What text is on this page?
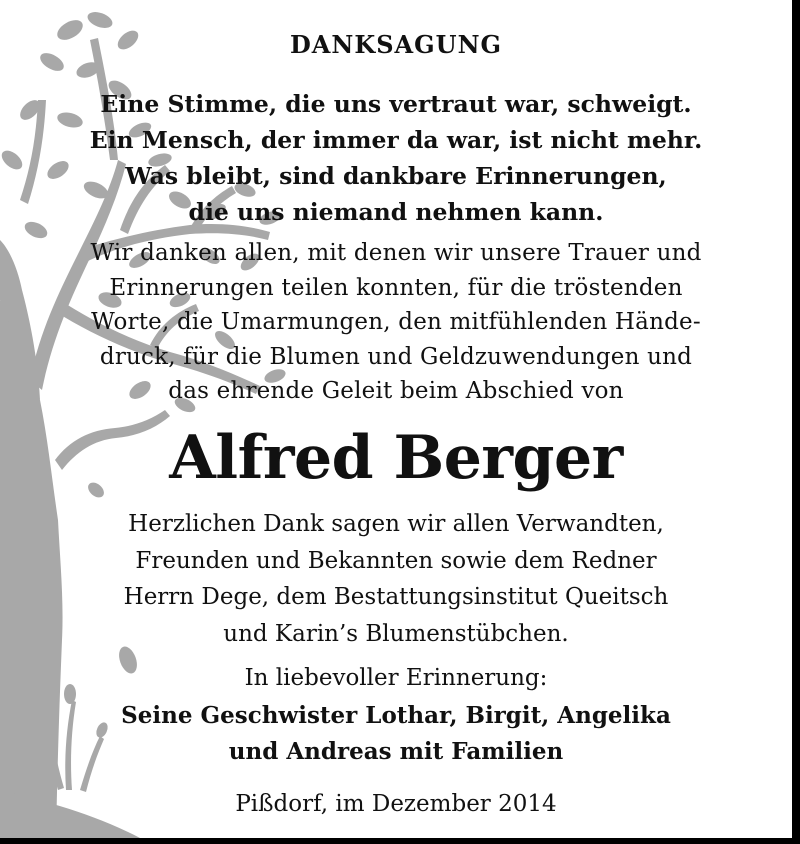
DANKSAGUNG
Eine Stimme, die uns vertraut war, schweigt.
Ein Mensch, der immer da war, ist nicht mehr.
Was bleibt, sind dankbare Erinnerungen,
die uns niemand nehmen kann.
Wir danken allen, mit denen wir unsere Trauer und
Erinnerungen teilen konnten, für die tröstenden
Worte, die Umarmungen, den mitfühlenden Hände-
druck, für die Blumen und Geldzuwendungen und
das ehrende Geleit beim Abschied von
Alfred Berger
Herzlichen Dank sagen wir allen Verwandten,
Freunden und Bekannten sowie dem Redner
Herrn Dege, dem Bestattungsinstitut Queitsch
und Karin’s Blumenstübchen.
In liebevoller Erinnerung:
Seine Geschwister Lothar, Birgit, Angelika
und Andreas mit Familien
Pißdorf, im Dezember 2014
